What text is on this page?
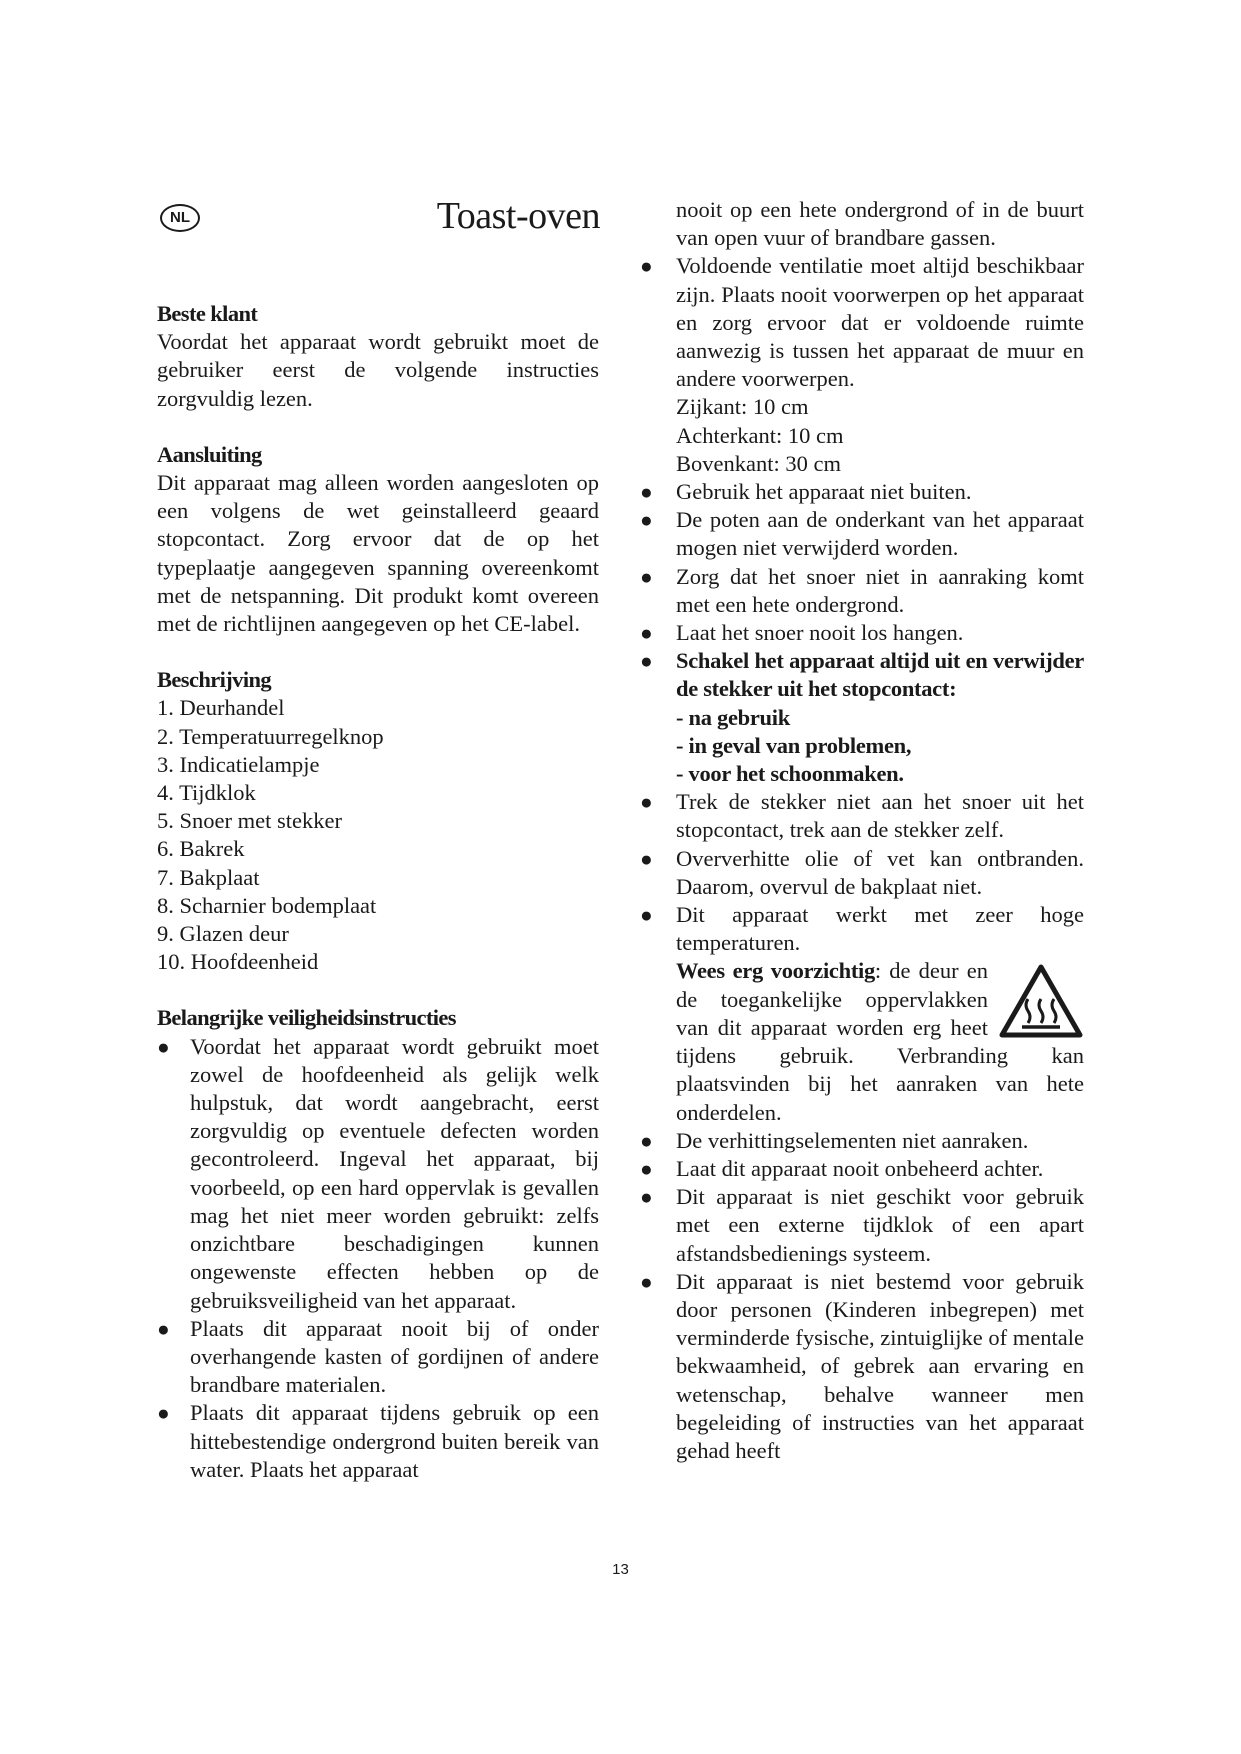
NL	Toast-oven

Beste klant

Voordat het apparaat wordt gebruikt moet de gebruiker eerst de volgende instructies zorgvuldig lezen.

Aansluiting

Dit apparaat mag alleen worden aangesloten op een volgens de wet geinstalleerd geaard stopcontact. Zorg ervoor dat de op het typeplaatje aangegeven spanning overeenkomt met de netspanning. Dit produkt komt overeen met de richtlijnen aangegeven op het CE-label.

Beschrijving

1. Deurhandel
2. Temperatuurregelknop
3. Indicatielampje
4. Tijdklok
5. Snoer met stekker
6. Bakrek
7. Bakplaat
8. Scharnier bodemplaat
9. Glazen deur
10. Hoofdeenheid

Belangrijke veiligheidsinstructies

● Voordat het apparaat wordt gebruikt moet zowel de hoofdeenheid als gelijk welk hulpstuk, dat wordt aangebracht, eerst zorgvuldig op eventuele defecten worden gecontroleerd. Ingeval het apparaat, bij voorbeeld, op een hard oppervlak is gevallen mag het niet meer worden gebruikt: zelfs onzichtbare beschadigingen kunnen ongewenste effecten hebben op de gebruiksveiligheid van het apparaat.
● Plaats dit apparaat nooit bij of onder overhangende kasten of gordijnen of andere brandbare materialen.
● Plaats dit apparaat tijdens gebruik op een hittebestendige ondergrond buiten bereik van water. Plaats het apparaat

nooit op een hete ondergrond of in de buurt van open vuur of brandbare gassen.

● Voldoende ventilatie moet altijd beschikbaar zijn. Plaats nooit voorwerpen op het apparaat en zorg ervoor dat er voldoende ruimte aanwezig is tussen het apparaat de muur en andere voorwerpen.
Zijkant: 10 cm
Achterkant: 10 cm
Bovenkant: 30 cm
● Gebruik het apparaat niet buiten.
● De poten aan de onderkant van het apparaat mogen niet verwijderd worden.
● Zorg dat het snoer niet in aanraking komt met een hete ondergrond.
● Laat het snoer nooit los hangen.
● Schakel het apparaat altijd uit en verwijder de stekker uit het stopcontact:
- na gebruik
- in geval van problemen,
- voor het schoonmaken.
● Trek de stekker niet aan het snoer uit het stopcontact, trek aan de stekker zelf.
● Oververhitte olie of vet kan ontbranden. Daarom, overvul de bakplaat niet.
● Dit apparaat werkt met zeer hoge temperaturen.
Wees erg voorzichtig: de deur en de toegankelijke oppervlakken van dit apparaat worden erg heet tijdens gebruik. Verbranding kan plaatsvinden bij het aanraken van hete onderdelen.
● De verhittingselementen niet aanraken.
● Laat dit apparaat nooit onbeheerd achter.
● Dit apparaat is niet geschikt voor gebruik met een externe tijdklok of een apart afstandsbedienings systeem.
● Dit apparaat is niet bestemd voor gebruik door personen (Kinderen inbegrepen) met verminderde fysische, zintuiglijke of mentale bekwaamheid, of gebrek aan ervaring en wetenschap, behalve wanneer men begeleiding of instructies van het apparaat gehad heeft
13
